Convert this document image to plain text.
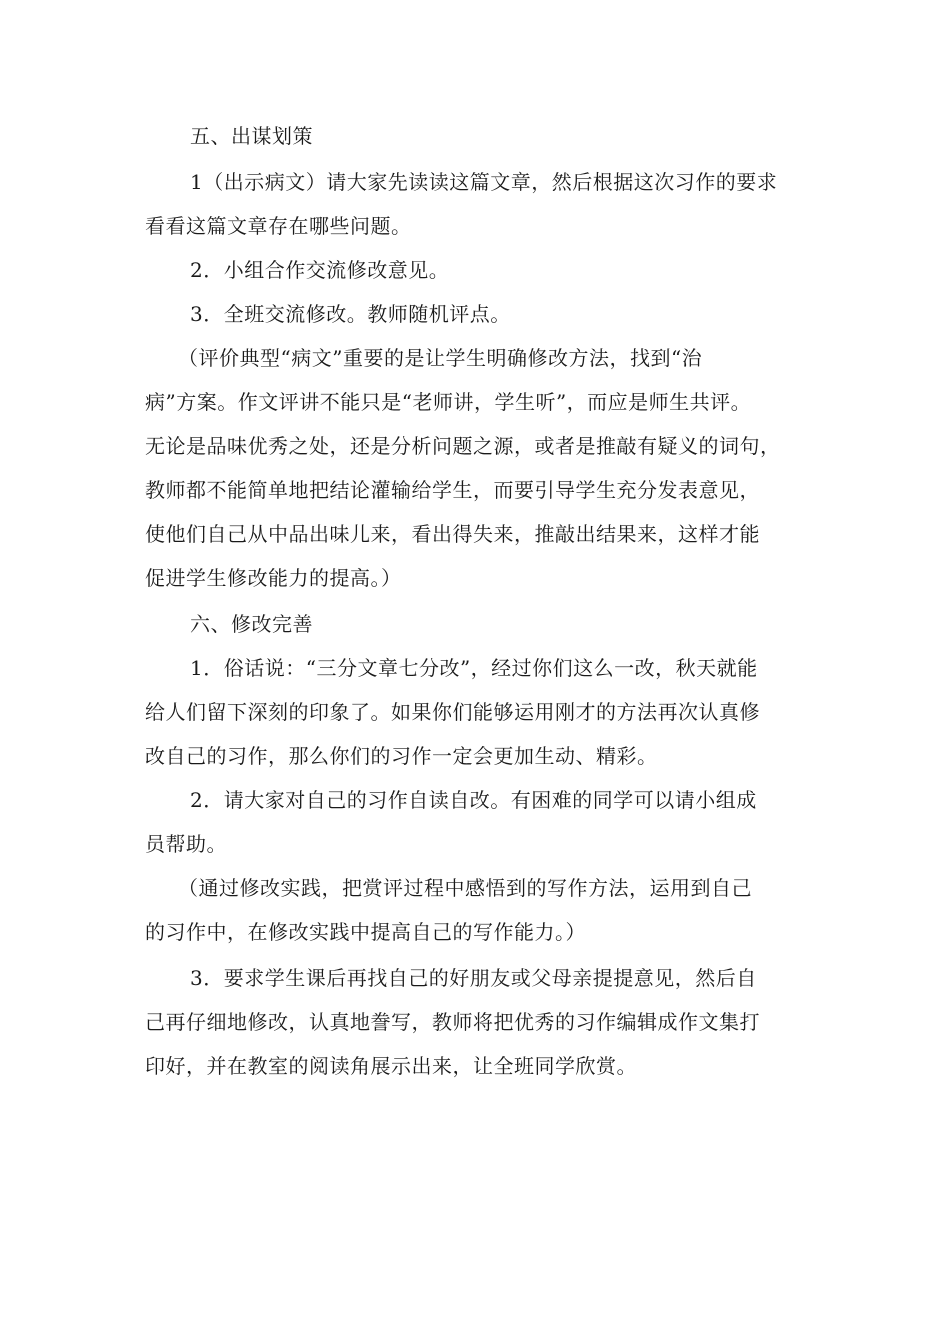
五、出谋划策
1（出示病文）请大家先读读这篇文章，然后根据这次习作的要求
看看这篇文章存在哪些问题。
2．小组合作交流修改意见。
3．全班交流修改。教师随机评点。
（评价典型“病文”重要的是让学生明确修改方法，找到“治
病”方案。作文评讲不能只是“老师讲，学生听”，而应是师生共评。
无论是品味优秀之处，还是分析问题之源，或者是推敲有疑义的词句，
教师都不能简单地把结论灌输给学生，而要引导学生充分发表意见，
使他们自己从中品出味儿来，看出得失来，推敲出结果来，这样才能
促进学生修改能力的提高。）
六、修改完善
1．俗话说：“三分文章七分改”，经过你们这么一改，秋天就能
给人们留下深刻的印象了。如果你们能够运用刚才的方法再次认真修
改自己的习作，那么你们的习作一定会更加生动、精彩。
2．请大家对自己的习作自读自改。有困难的同学可以请小组成
员帮助。
（通过修改实践，把赏评过程中感悟到的写作方法，运用到自己
的习作中，在修改实践中提高自己的写作能力。）
3．要求学生课后再找自己的好朋友或父母亲提提意见，然后自
己再仔细地修改，认真地誊写，教师将把优秀的习作编辑成作文集打
印好，并在教室的阅读角展示出来，让全班同学欣赏。
